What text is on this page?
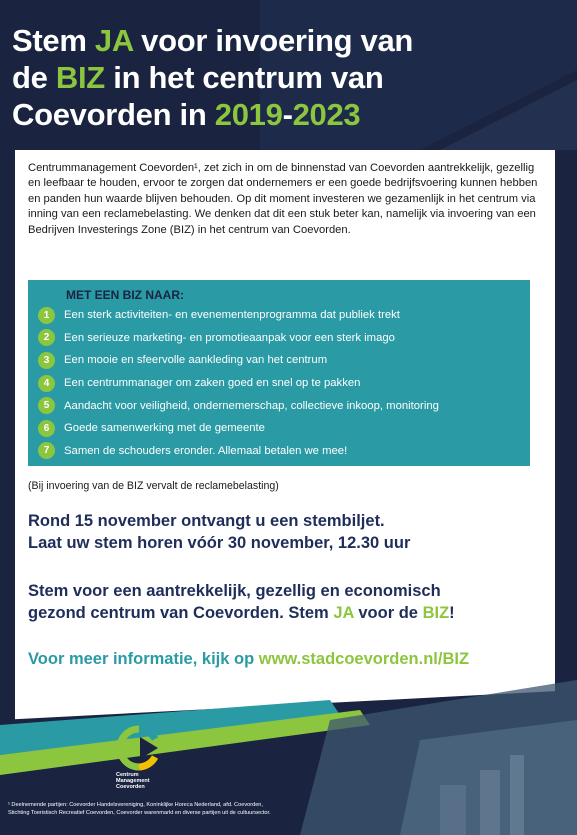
Stem JA voor invoering van
de BIZ in het centrum van
Coevorden in 2019-2023

Centrummanagement Coevorden¹, zet zich in om de binnenstad van Coevorden aantrekkelijk, gezellig en leefbaar te houden, ervoor te zorgen dat ondernemers er een goede bedrijfsvoering kunnen hebben en panden hun waarde blijven behouden. Op dit moment investeren we gezamenlijk in het centrum via inning van een reclamebelasting. We denken dat dit een stuk beter kan, namelijk via invoering van een Bedrijven Investerings Zone (BIZ) in het centrum van Coevorden.

MET EEN BIZ NAAR:
1	Een sterk activiteiten- en evenementenprogramma dat publiek trekt
2	Een serieuze marketing- en promotieaanpak voor een sterk imago
3	Een mooie en sfeervolle aankleding van het centrum
4	Een centrummanager om zaken goed en snel op te pakken
5	Aandacht voor veiligheid, ondernemerschap, collectieve inkoop, monitoring
6	Goede samenwerking met de gemeente
7	Samen de schouders eronder. Allemaal betalen we mee!

(Bij invoering van de BIZ vervalt de reclamebelasting)

Rond 15 november ontvangt u een stembiljet.
Laat uw stem horen vóór 30 november, 12.30 uur

Stem voor een aantrekkelijk, gezellig en economisch
gezond centrum van Coevorden. Stem JA voor de BIZ!

Voor meer informatie, kijk op www.stadcoevorden.nl/BIZ

Centrum
Management
Coevorden

¹ Deelnemende partijen: Coevorder Handelsvereniging, Koninklijke Horeca Nederland, afd. Coevorden,
Stichting Toeristisch Recreatief Coevorden, Coevorder warenmarkt en diverse partijen uit de cultuursector.
